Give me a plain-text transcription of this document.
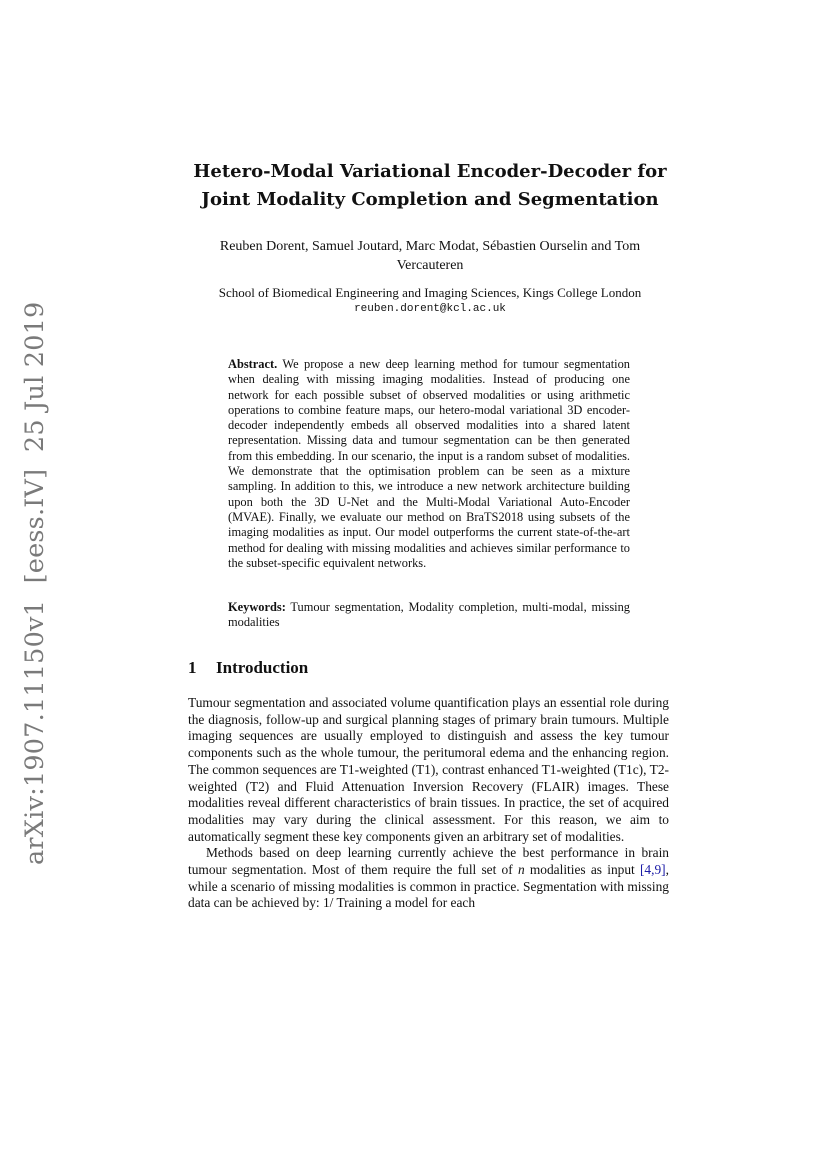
arXiv:1907.11150v1  [eess.IV]  25 Jul 2019
Hetero-Modal Variational Encoder-Decoder for
Joint Modality Completion and Segmentation

Reuben Dorent, Samuel Joutard, Marc Modat, Sébastien Ourselin and Tom Vercauteren

School of Biomedical Engineering and Imaging Sciences, Kings College London
reuben.dorent@kcl.ac.uk

Abstract. We propose a new deep learning method for tumour segmentation when dealing with missing imaging modalities. Instead of producing one network for each possible subset of observed modalities or using arithmetic operations to combine feature maps, our hetero-modal variational 3D encoder-decoder independently embeds all observed modalities into a shared latent representation. Missing data and tumour segmentation can be then generated from this embedding. In our scenario, the input is a random subset of modalities. We demonstrate that the optimisation problem can be seen as a mixture sampling. In addition to this, we introduce a new network architecture building upon both the 3D U-Net and the Multi-Modal Variational Auto-Encoder (MVAE). Finally, we evaluate our method on BraTS2018 using subsets of the imaging modalities as input. Our model outperforms the current state-of-the-art method for dealing with missing modalities and achieves similar performance to the subset-specific equivalent networks.

Keywords: Tumour segmentation, Modality completion, multi-modal, missing modalities

1 Introduction

Tumour segmentation and associated volume quantification plays an essential role during the diagnosis, follow-up and surgical planning stages of primary brain tumours. Multiple imaging sequences are usually employed to distinguish and assess the key tumour components such as the whole tumour, the peritumoral edema and the enhancing region. The common sequences are T1-weighted (T1), contrast enhanced T1-weighted (T1c), T2-weighted (T2) and Fluid Attenuation Inversion Recovery (FLAIR) images. These modalities reveal different characteristics of brain tissues. In practice, the set of acquired modalities may vary during the clinical assessment. For this reason, we aim to automatically segment these key components given an arbitrary set of modalities.

Methods based on deep learning currently achieve the best performance in brain tumour segmentation. Most of them require the full set of n modalities as input [4,9], while a scenario of missing modalities is common in practice. Segmentation with missing data can be achieved by: 1/ Training a model for each
